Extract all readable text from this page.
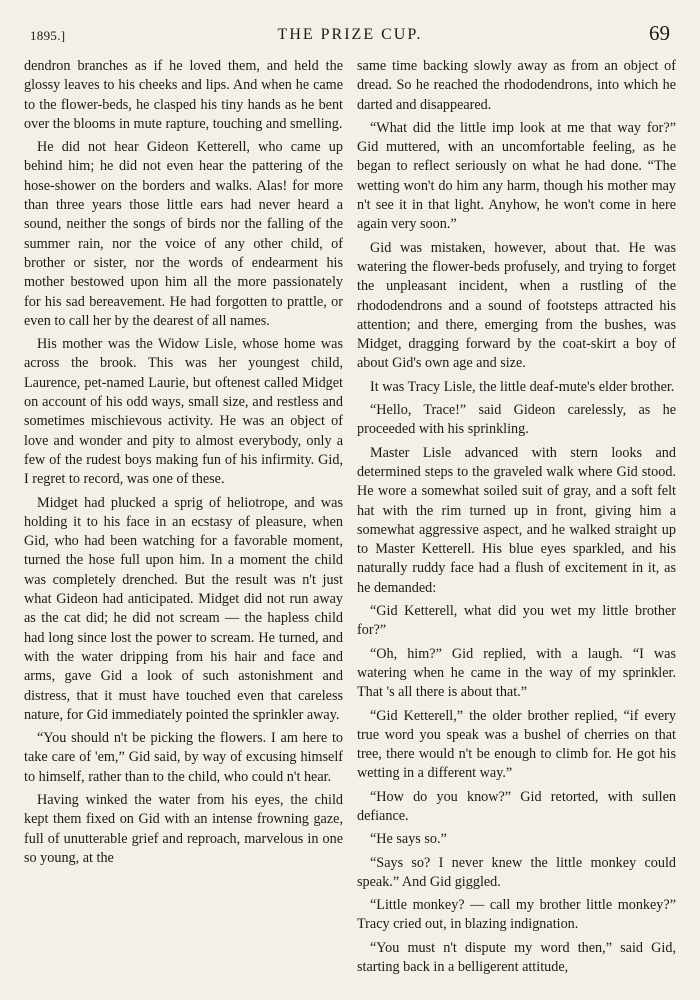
1895.]	THE PRIZE CUP.	69

dendron branches as if he loved them, and held the glossy leaves to his cheeks and lips. And when he came to the flower-beds, he clasped his tiny hands as he bent over the blooms in mute rapture, touching and smelling.

He did not hear Gideon Ketterell, who came up behind him; he did not even hear the pattering of the hose-shower on the borders and walks. Alas! for more than three years those little ears had never heard a sound, neither the songs of birds nor the falling of the summer rain, nor the voice of any other child, of brother or sister, nor the words of endearment his mother bestowed upon him all the more passionately for his sad bereavement. He had forgotten to prattle, or even to call her by the dearest of all names.

His mother was the Widow Lisle, whose home was across the brook. This was her youngest child, Laurence, pet-named Laurie, but oftenest called Midget on account of his odd ways, small size, and restless and sometimes mischievous activity. He was an object of love and wonder and pity to almost everybody, only a few of the rudest boys making fun of his infirmity. Gid, I regret to record, was one of these.

Midget had plucked a sprig of heliotrope, and was holding it to his face in an ecstasy of pleasure, when Gid, who had been watching for a favorable moment, turned the hose full upon him. In a moment the child was completely drenched. But the result was n't just what Gideon had anticipated. Midget did not run away as the cat did; he did not scream — the hapless child had long since lost the power to scream. He turned, and with the water dripping from his hair and face and arms, gave Gid a look of such astonishment and distress, that it must have touched even that careless nature, for Gid immediately pointed the sprinkler away.

“You should n't be picking the flowers. I am here to take care of 'em,” Gid said, by way of excusing himself to himself, rather than to the child, who could n't hear.

Having winked the water from his eyes, the child kept them fixed on Gid with an intense frowning gaze, full of unutterable grief and reproach, marvelous in one so young, at the

same time backing slowly away as from an object of dread. So he reached the rhododendrons, into which he darted and disappeared.

“What did the little imp look at me that way for?” Gid muttered, with an uncomfortable feeling, as he began to reflect seriously on what he had done. “The wetting won't do him any harm, though his mother may n't see it in that light. Anyhow, he won't come in here again very soon.”

Gid was mistaken, however, about that. He was watering the flower-beds profusely, and trying to forget the unpleasant incident, when a rustling of the rhododendrons and a sound of footsteps attracted his attention; and there, emerging from the bushes, was Midget, dragging forward by the coat-skirt a boy of about Gid's own age and size.

It was Tracy Lisle, the little deaf-mute's elder brother.

“Hello, Trace!” said Gideon carelessly, as he proceeded with his sprinkling.

Master Lisle advanced with stern looks and determined steps to the graveled walk where Gid stood. He wore a somewhat soiled suit of gray, and a soft felt hat with the rim turned up in front, giving him a somewhat aggressive aspect, and he walked straight up to Master Ketterell. His blue eyes sparkled, and his naturally ruddy face had a flush of excitement in it, as he demanded:

“Gid Ketterell, what did you wet my little brother for?”

“Oh, him?” Gid replied, with a laugh. “I was watering when he came in the way of my sprinkler. That 's all there is about that.”

“Gid Ketterell,” the older brother replied, “if every true word you speak was a bushel of cherries on that tree, there would n't be enough to climb for. He got his wetting in a different way.”

“How do you know?” Gid retorted, with sullen defiance.

“He says so.”

“Says so? I never knew the little monkey could speak.” And Gid giggled.

“Little monkey? — call my brother little monkey?” Tracy cried out, in blazing indignation.

“You must n't dispute my word then,” said Gid, starting back in a belligerent attitude,
